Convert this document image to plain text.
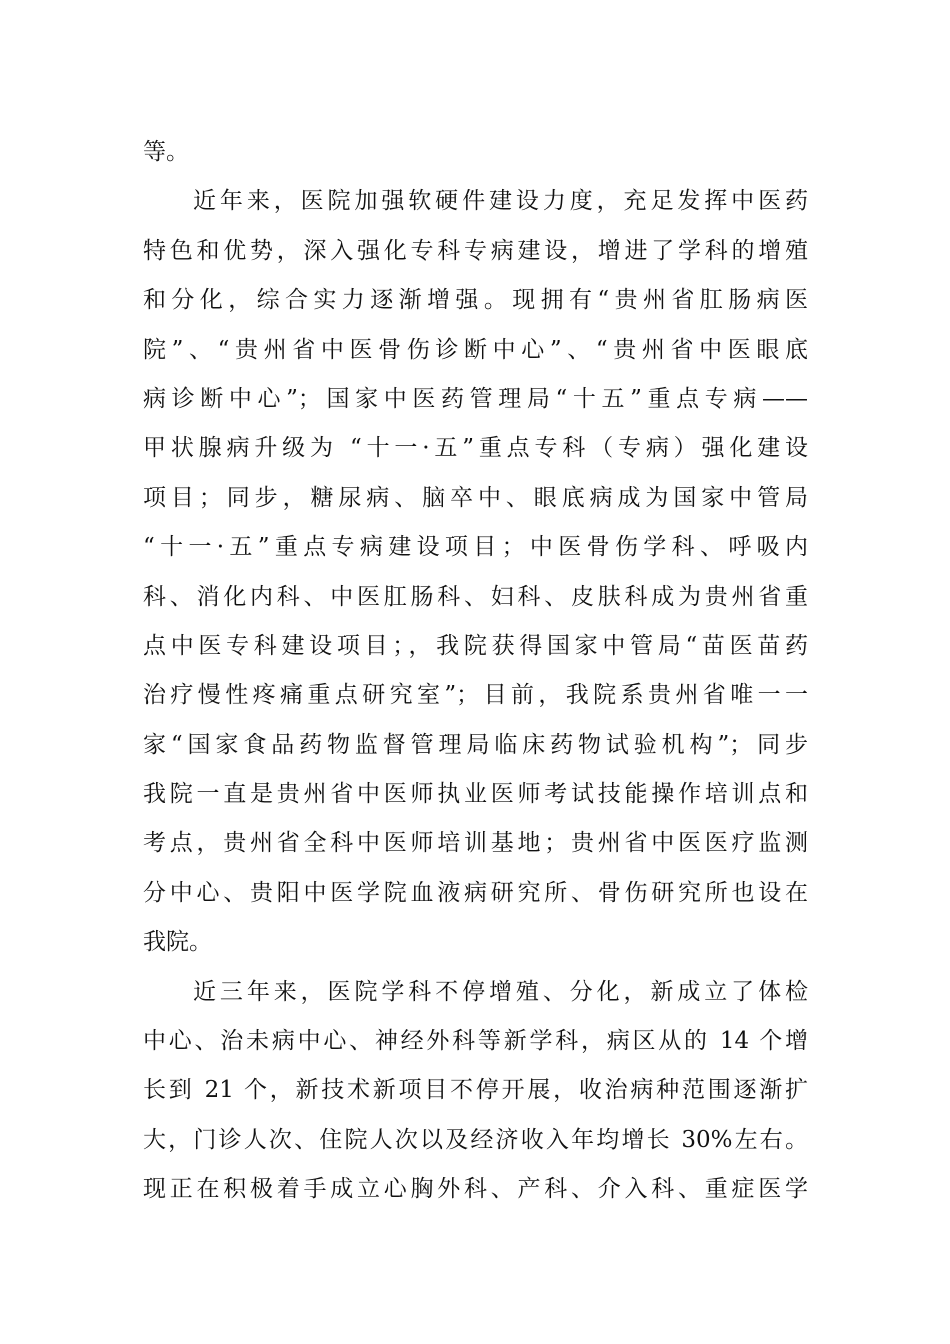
等。
近年来，医院加强软硬件建设力度，充足发挥中医药
特色和优势，深入强化专科专病建设，增进了学科的增殖
和分化，综合实力逐渐增强。现拥有“贵州省肛肠病医
院”、“贵州省中医骨伤诊断中心”、“贵州省中医眼底
病诊断中心”；国家中医药管理局“十五”重点专病——
甲状腺病升级为 “十一·五”重点专科（专病）强化建设
项目；同步，糖尿病、脑卒中、眼底病成为国家中管局
“十一·五”重点专病建设项目；中医骨伤学科、呼吸内
科、消化内科、中医肛肠科、妇科、皮肤科成为贵州省重
点中医专科建设项目；，我院获得国家中管局“苗医苗药
治疗慢性疼痛重点研究室”；目前，我院系贵州省唯一一
家“国家食品药物监督管理局临床药物试验机构”；同步
我院一直是贵州省中医师执业医师考试技能操作培训点和
考点，贵州省全科中医师培训基地；贵州省中医医疗监测
分中心、贵阳中医学院血液病研究所、骨伤研究所也设在
我院。
近三年来，医院学科不停增殖、分化，新成立了体检
中心、治未病中心、神经外科等新学科，病区从的 14 个增
长到 21 个，新技术新项目不停开展，收治病种范围逐渐扩
大，门诊人次、住院人次以及经济收入年均增长 30%左右。
现正在积极着手成立心胸外科、产科、介入科、重症医学
